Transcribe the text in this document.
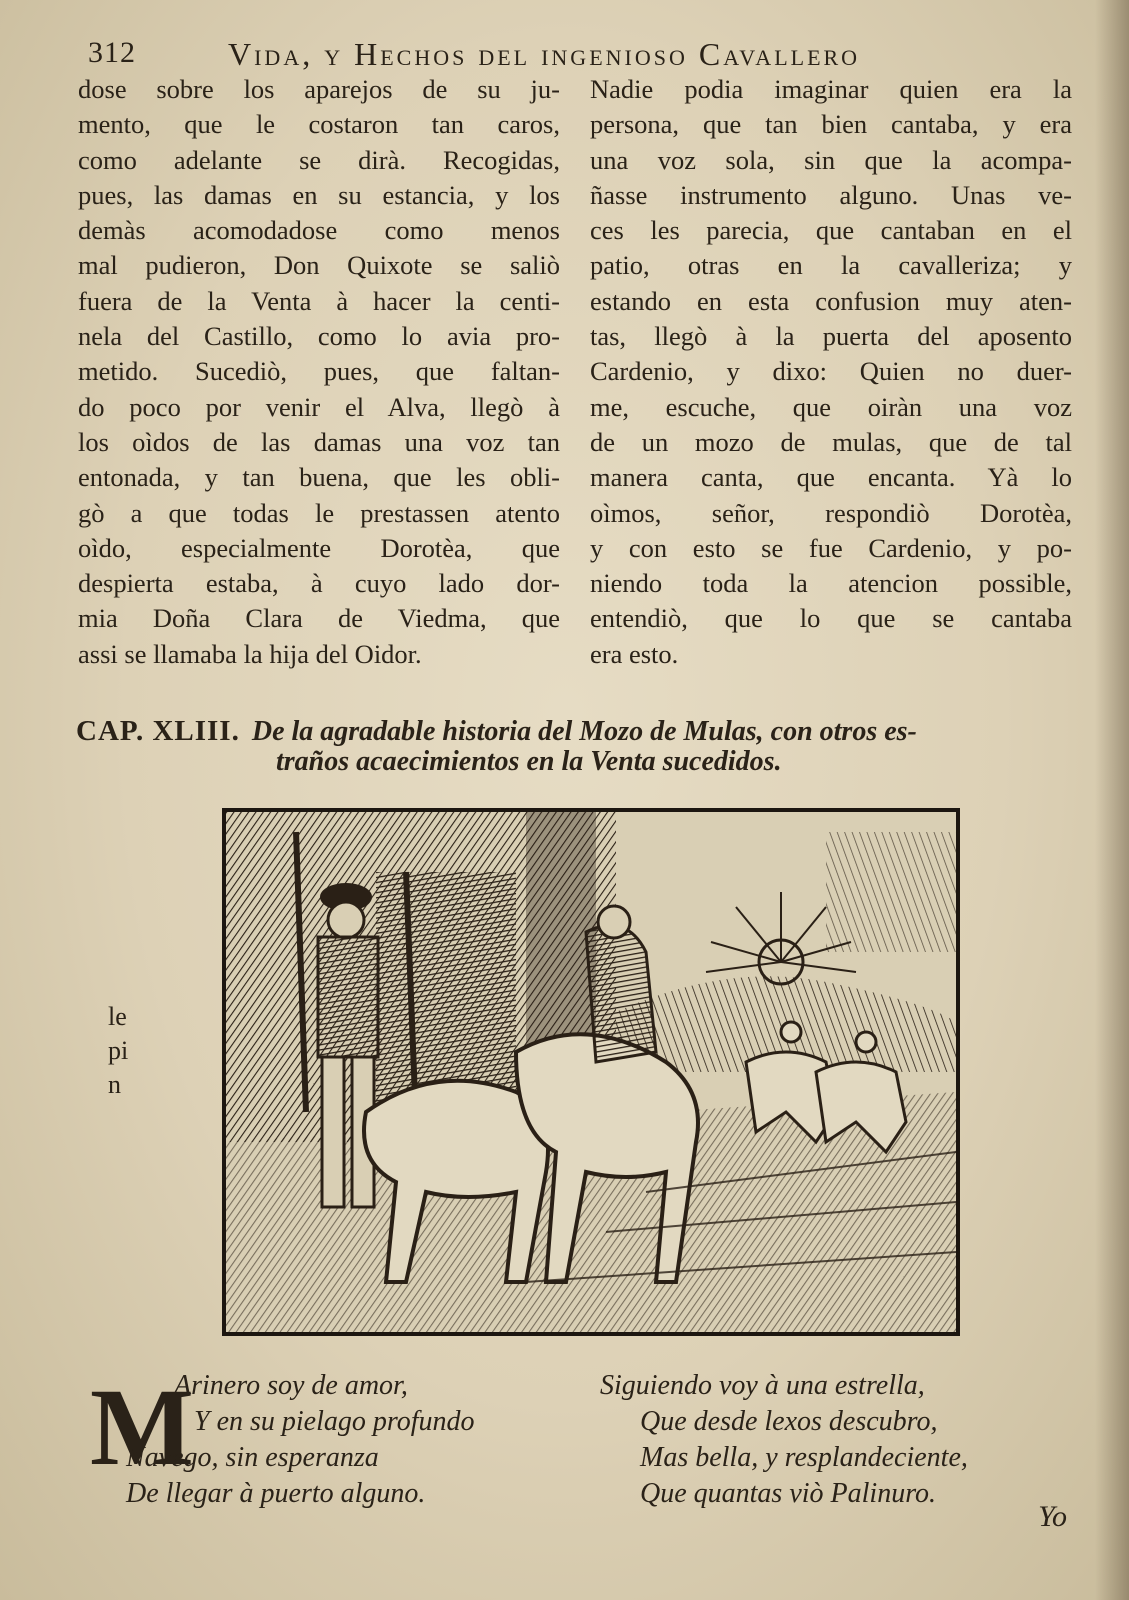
312	Vida, y Hechos del ingenioso Cavallero
dose sobre los aparejos de su ju-
mento, que le costaron tan caros,
como adelante se dirà. Recogidas,
pues, las damas en su estancia, y los
demàs acomodadose como menos
mal pudieron, Don Quixote se saliò
fuera de la Venta à hacer la centi-
nela del Castillo, como lo avia pro-
metido. Sucediò, pues, que faltan-
do poco por venir el Alva, llegò à
los oìdos de las damas una voz tan
entonada, y tan buena, que les obli-
gò a que todas le prestassen atento
oìdo, especialmente Dorotèa, que
despierta estaba, à cuyo lado dor-
mia Doña Clara de Viedma, que
assi se llamaba la hija del Oidor.
Nadie podia imaginar quien era la
persona, que tan bien cantaba, y era
una voz sola, sin que la acompa-
ñasse instrumento alguno. Unas ve-
ces les parecia, que cantaban en el
patio, otras en la cavalleriza; y
estando en esta confusion muy aten-
tas, llegò à la puerta del aposento
Cardenio, y dixo: Quien no duer-
me, escuche, que oiràn una voz
de un mozo de mulas, que de tal
manera canta, que encanta. Yà lo
oìmos, señor, respondiò Dorotèa,
y con esto se fue Cardenio, y po-
niendo toda la atencion possible,
entendiò, que lo que se cantaba
era esto.
CAP. XLIII. De la agradable historia del Mozo de Mulas, con otros es-
traños acaecimientos en la Venta sucedidos.
le
pi
n
M
Arinero soy de amor,
Y en su pielago profundo
Navego, sin esperanza
De llegar à puerto alguno.
Siguiendo voy à una estrella,
Que desde lexos descubro,
Mas bella, y resplandeciente,
Que quantas viò Palinuro.
Yo
